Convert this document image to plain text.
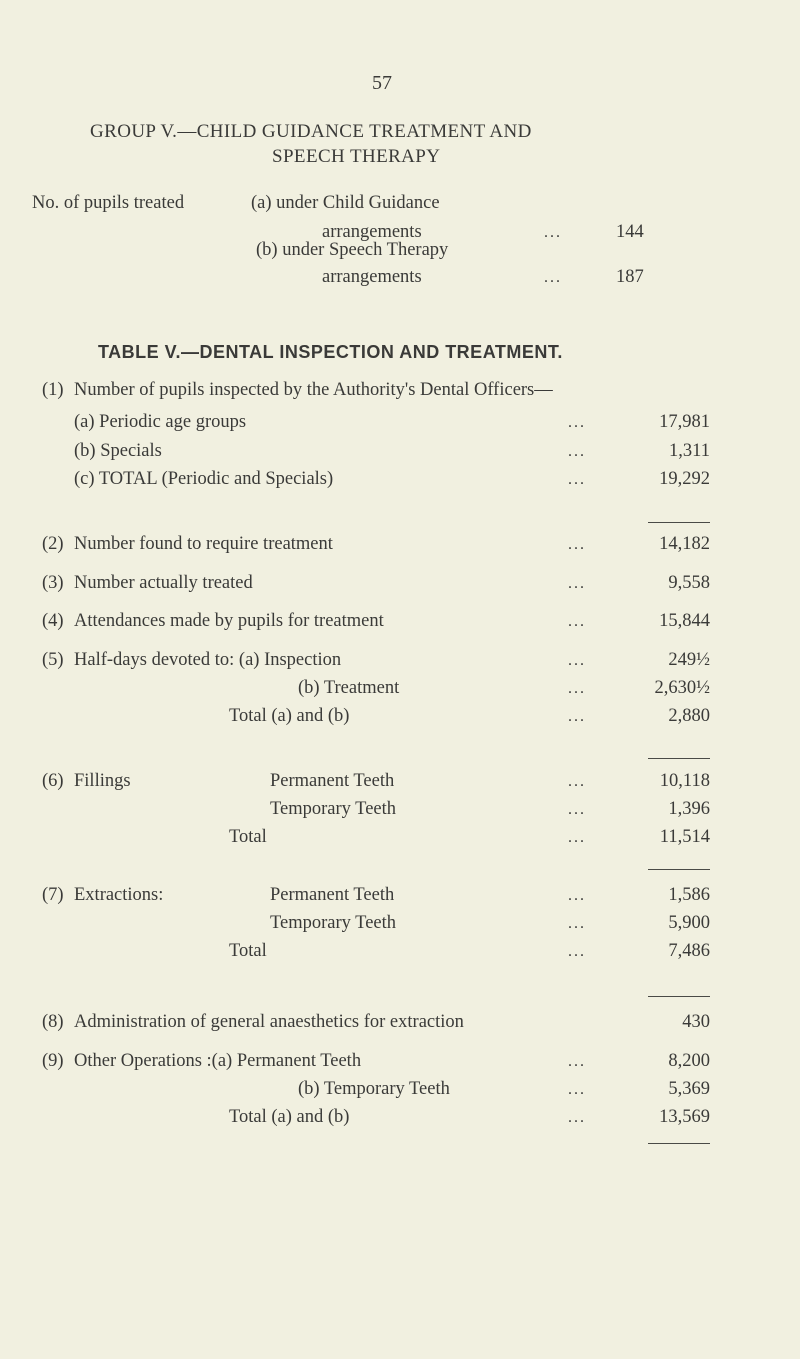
57
GROUP V.—CHILD GUIDANCE TREATMENT AND
SPEECH THERAPY
No. of pupils treated	(a) under Child Guidance
arrangements	...	144
(b) under Speech Therapy
arrangements	...	187
TABLE V.—DENTAL INSPECTION AND TREATMENT.
(1) Number of pupils inspected by the Authority's Dental Officers—
(a) Periodic age groups	...	17,981
(b) Specials	...	1,311
(c) TOTAL (Periodic and Specials)	...	19,292
(2) Number found to require treatment	...	14,182
(3) Number actually treated	...	9,558
(4) Attendances made by pupils for treatment	...	15,844
(5) Half-days devoted to: (a) Inspection	...	249½
(b) Treatment	...	2,630½
Total (a) and (b)	...	2,880
(6) Fillings	Permanent Teeth	...	10,118
Temporary Teeth	...	1,396
Total	...	11,514
(7) Extractions:	Permanent Teeth	...	1,586
Temporary Teeth	...	5,900
Total	...	7,486
(8) Administration of general anaesthetics for extraction	430
(9) Other Operations :(a) Permanent Teeth	...	8,200
(b) Temporary Teeth	...	5,369
Total (a) and (b)	...	13,569
